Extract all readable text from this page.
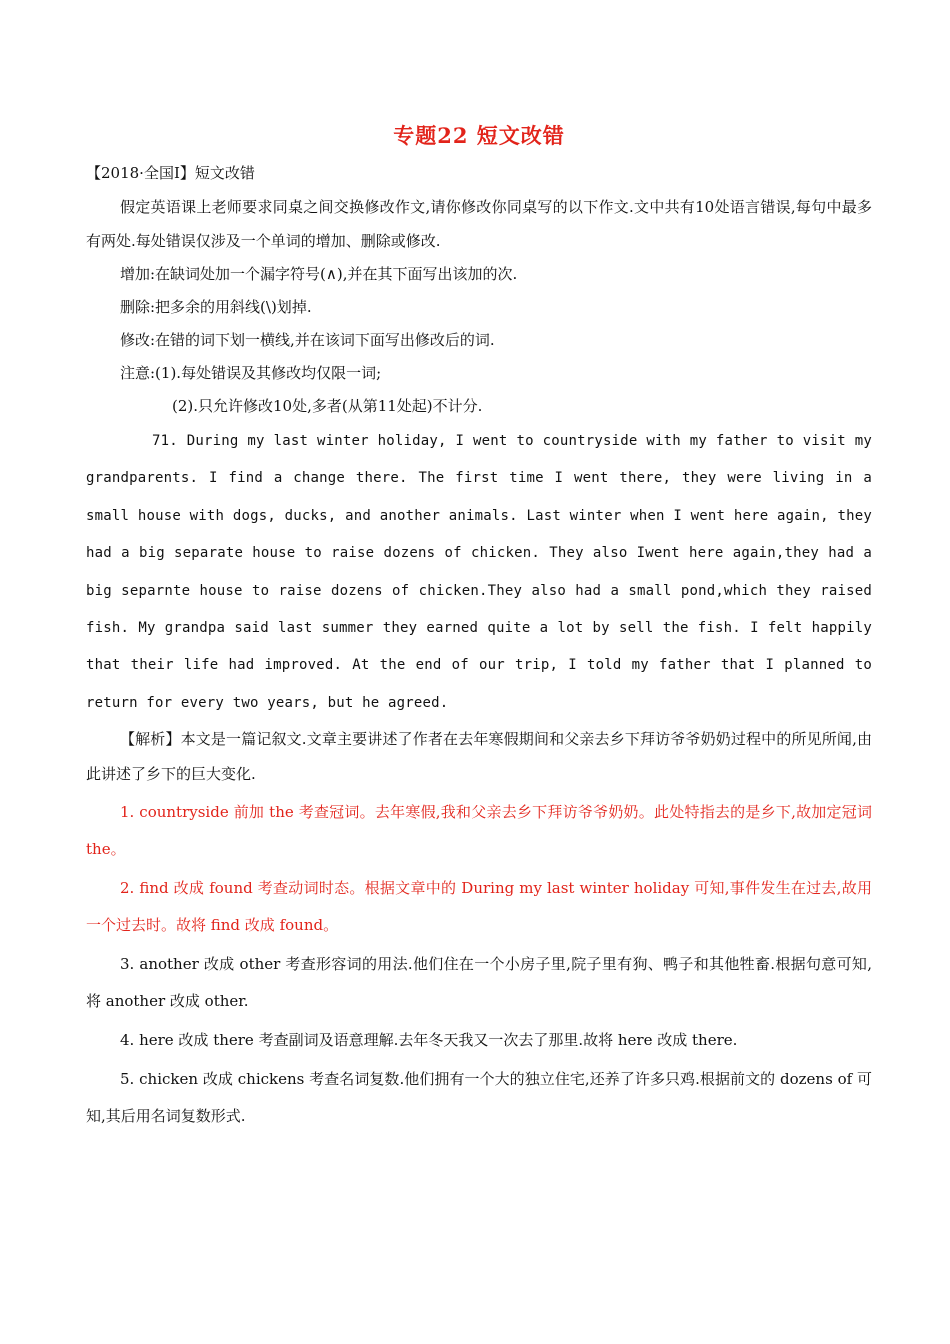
专题22 短文改错
【2018·全国Ⅰ】短文改错

假定英语课上老师要求同桌之间交换修改作文,请你修改你同桌写的以下作文.文中共有10处语言错误,每句中最多有两处.每处错误仅涉及一个单词的增加、删除或修改.

增加:在缺词处加一个漏字符号(∧),并在其下面写出该加的次.

删除:把多余的用斜线(\)划掉.

修改:在错的词下划一横线,并在该词下面写出修改后的词.

注意:(1).每处错误及其修改均仅限一词;

(2).只允许修改10处,多者(从第11处起)不计分.

71. During my last winter holiday, I went to countryside with my father to visit my grandparents. I find a change there. The first time I went there, they were living in a small house with dogs, ducks, and another animals. Last winter when I went here again, they had a big separate house to raise dozens of chicken. They also Iwent here again,they had a big separnte house to raise dozens of chicken.They also had a small pond,which they raised fish. My grandpa said last summer they earned quite a lot by sell the fish. I felt happily that their life had improved. At the end of our trip, I told my father that I planned to return for every two years, but he agreed.

【解析】本文是一篇记叙文.文章主要讲述了作者在去年寒假期间和父亲去乡下拜访爷爷奶奶过程中的所见所闻,由此讲述了乡下的巨大变化.

1. countryside 前加 the 考查冠词。去年寒假,我和父亲去乡下拜访爷爷奶奶。此处特指去的是乡下,故加定冠词 the。

2. find 改成 found 考查动词时态。根据文章中的 During my last winter holiday 可知,事件发生在过去,故用一个过去时。故将 find 改成 found。

3. another 改成 other 考查形容词的用法.他们住在一个小房子里,院子里有狗、鸭子和其他牲畜.根据句意可知,将 another 改成 other.

4. here 改成 there 考查副词及语意理解.去年冬天我又一次去了那里.故将 here 改成 there.

5. chicken 改成 chickens 考查名词复数.他们拥有一个大的独立住宅,还养了许多只鸡.根据前文的 dozens of 可知,其后用名词复数形式.
